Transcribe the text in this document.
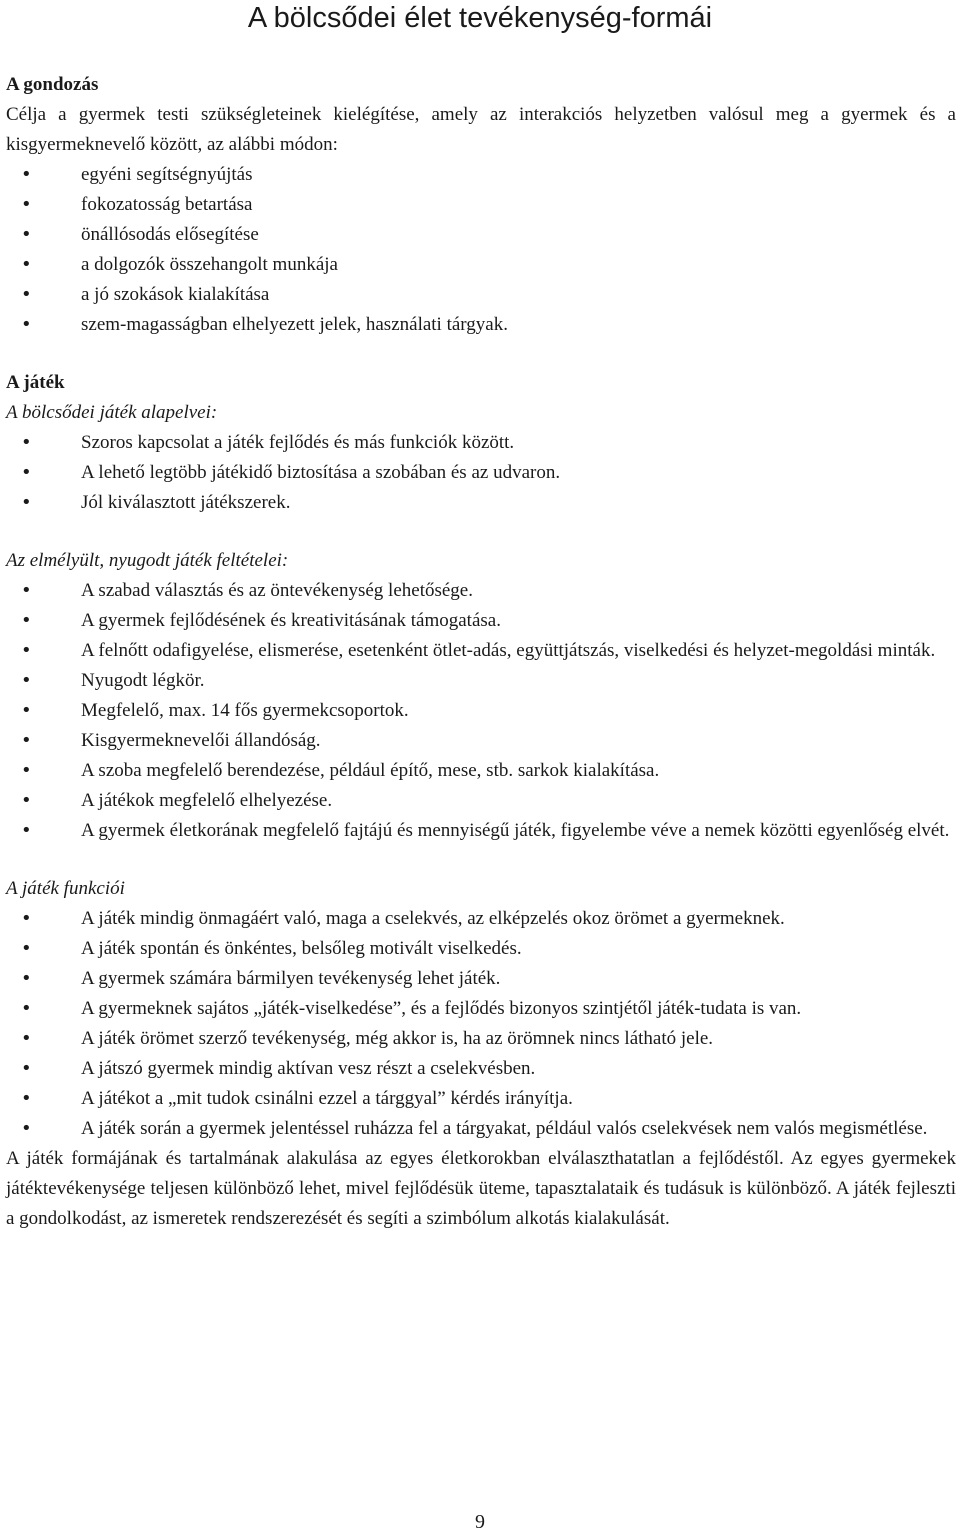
A bölcsődei élet tevékenység-formái

A gondozás

Célja a gyermek testi szükségleteinek kielégítése, amely az interakciós helyzetben valósul meg a gyermek és a kisgyermeknevelő között, az alábbi módon:

• egyéni segítségnyújtás
• fokozatosság betartása
• önállósodás elősegítése
• a dolgozók összehangolt munkája
• a jó szokások kialakítása
• szem-magasságban elhelyezett jelek, használati tárgyak.

A játék

A bölcsődei játék alapelvei:

• Szoros kapcsolat a játék fejlődés és más funkciók között.
• A lehető legtöbb játékidő biztosítása a szobában és az udvaron.
• Jól kiválasztott játékszerek.

Az elmélyült, nyugodt játék feltételei:

• A szabad választás és az öntevékenység lehetősége.
• A gyermek fejlődésének és kreativitásának támogatása.
• A felnőtt odafigyelése, elismerése, esetenként ötlet-adás, együttjátszás, viselkedési és helyzet-megoldási minták.
• Nyugodt légkör.
• Megfelelő, max. 14 fős gyermekcsoportok.
• Kisgyermeknevelői állandóság.
• A szoba megfelelő berendezése, például építő, mese, stb. sarkok kialakítása.
• A játékok megfelelő elhelyezése.
• A gyermek életkorának megfelelő fajtájú és mennyiségű játék, figyelembe véve a nemek közötti egyenlőség elvét.

A játék funkciói

• A játék mindig önmagáért való, maga a cselekvés, az elképzelés okoz örömet a gyermeknek.
• A játék spontán és önkéntes, belsőleg motivált viselkedés.
• A gyermek számára bármilyen tevékenység lehet játék.
• A gyermeknek sajátos „játék-viselkedése”, és a fejlődés bizonyos szintjétől játék-tudata is van.
• A játék örömet szerző tevékenység, még akkor is, ha az örömnek nincs látható jele.
• A játszó gyermek mindig aktívan vesz részt a cselekvésben.
• A játékot a „mit tudok csinálni ezzel a tárggyal” kérdés irányítja.
• A játék során a gyermek jelentéssel ruházza fel a tárgyakat, például valós cselekvések nem valós megismétlése.

A játék formájának és tartalmának alakulása az egyes életkorokban elválaszthatatlan a fejlődéstől. Az egyes gyermekek játéktevékenysége teljesen különböző lehet, mivel fejlődésük üteme, tapasztalataik és tudásuk is különböző. A játék fejleszti a gondolkodást, az ismeretek rendszerezését és segíti a szimbólum alkotás kialakulását.

9
